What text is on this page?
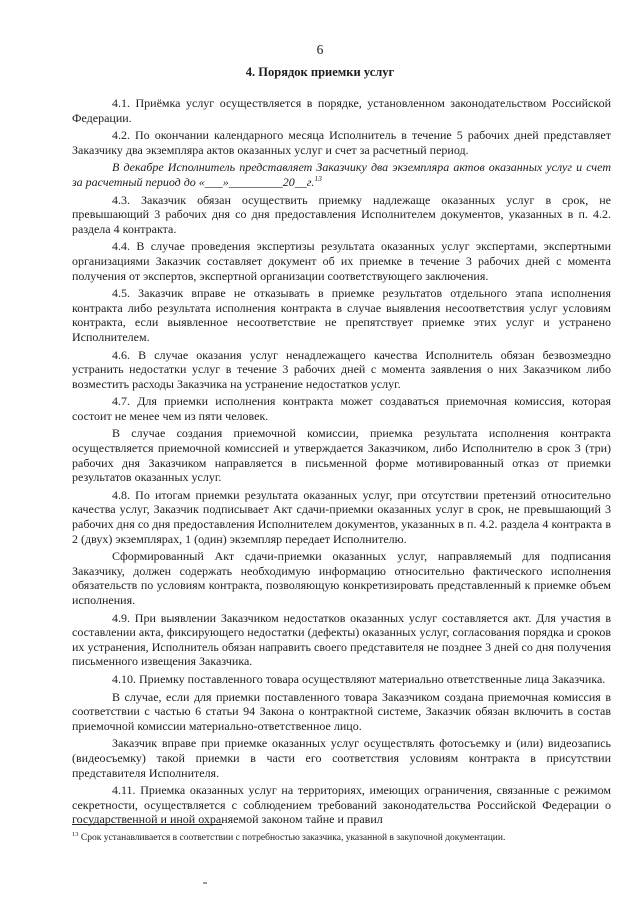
6
4. Порядок приемки услуг

4.1. Приёмка услуг осуществляется в порядке, установленном законодательством Российской Федерации.

4.2. По окончании календарного месяца Исполнитель в течение 5 рабочих дней представляет Заказчику два экземпляра актов оказанных услуг и счет за расчетный период.

В декабре Исполнитель представляет Заказчику два экземпляра актов оказанных услуг и счет за расчетный период до «___»_________20__г.$^{13}$

4.3. Заказчик обязан осуществить приемку надлежаще оказанных услуг в срок, не превышающий 3 рабочих дня со дня предоставления Исполнителем документов, указанных в п. 4.2. раздела 4 контракта.

4.4. В случае проведения экспертизы результата оказанных услуг экспертами, экспертными организациями Заказчик составляет документ об их приемке в течение 3 рабочих дней с момента получения от экспертов, экспертной организации соответствующего заключения.

4.5. Заказчик вправе не отказывать в приемке результатов отдельного этапа исполнения контракта либо результата исполнения контракта в случае выявления несоответствия услуг условиям контракта, если выявленное несоответствие не препятствует приемке этих услуг и устранено Исполнителем.

4.6. В случае оказания услуг ненадлежащего качества Исполнитель обязан безвозмездно устранить недостатки услуг в течение 3 рабочих дней с момента заявления о них Заказчиком либо возместить расходы Заказчика на устранение недостатков услуг.

4.7. Для приемки исполнения контракта может создаваться приемочная комиссия, которая состоит не менее чем из пяти человек.

В случае создания приемочной комиссии, приемка результата исполнения контракта осуществляется приемочной комиссией и утверждается Заказчиком, либо Исполнителю в срок 3 (три) рабочих дня Заказчиком направляется в письменной форме мотивированный отказ от приемки результатов оказанных услуг.

4.8. По итогам приемки результата оказанных услуг, при отсутствии претензий относительно качества услуг, Заказчик подписывает Акт сдачи-приемки оказанных услуг в срок, не превышающий 3 рабочих дня со дня предоставления Исполнителем документов, указанных в п. 4.2. раздела 4 контракта в 2 (двух) экземплярах, 1 (один) экземпляр передает Исполнителю.

Сформированный Акт сдачи-приемки оказанных услуг, направляемый для подписания Заказчику, должен содержать необходимую информацию относительно фактического исполнения обязательств по условиям контракта, позволяющую конкретизировать представленный к приемке объем исполнения.

4.9. При выявлении Заказчиком недостатков оказанных услуг составляется акт. Для участия в составлении акта, фиксирующего недостатки (дефекты) оказанных услуг, согласования порядка и сроков их устранения, Исполнитель обязан направить своего представителя не позднее 3 дней со дня получения письменного извещения Заказчика.

4.10. Приемку поставленного товара осуществляют материально ответственные лица Заказчика.

В случае, если для приемки поставленного товара Заказчиком создана приемочная комиссия в соответствии с частью 6 статьи 94 Закона о контрактной системе, Заказчик обязан включить в состав приемочной комиссии материально-ответственное лицо.

Заказчик вправе при приемке оказанных услуг осуществлять фотосъемку и (или) видеозапись (видеосъемку) такой приемки в части его соответствия условиям контракта в присутствии представителя Исполнителя.

4.11. Приемка оказанных услуг на территориях, имеющих ограничения, связанные с режимом секретности, осуществляется с соблюдением требований законодательства Российской Федерации о государственной и иной охраняемой законом тайне и правил

$^{13}$ Срок устанавливается в соответствии с потребностью заказчика, указанной в закупочной документации.
